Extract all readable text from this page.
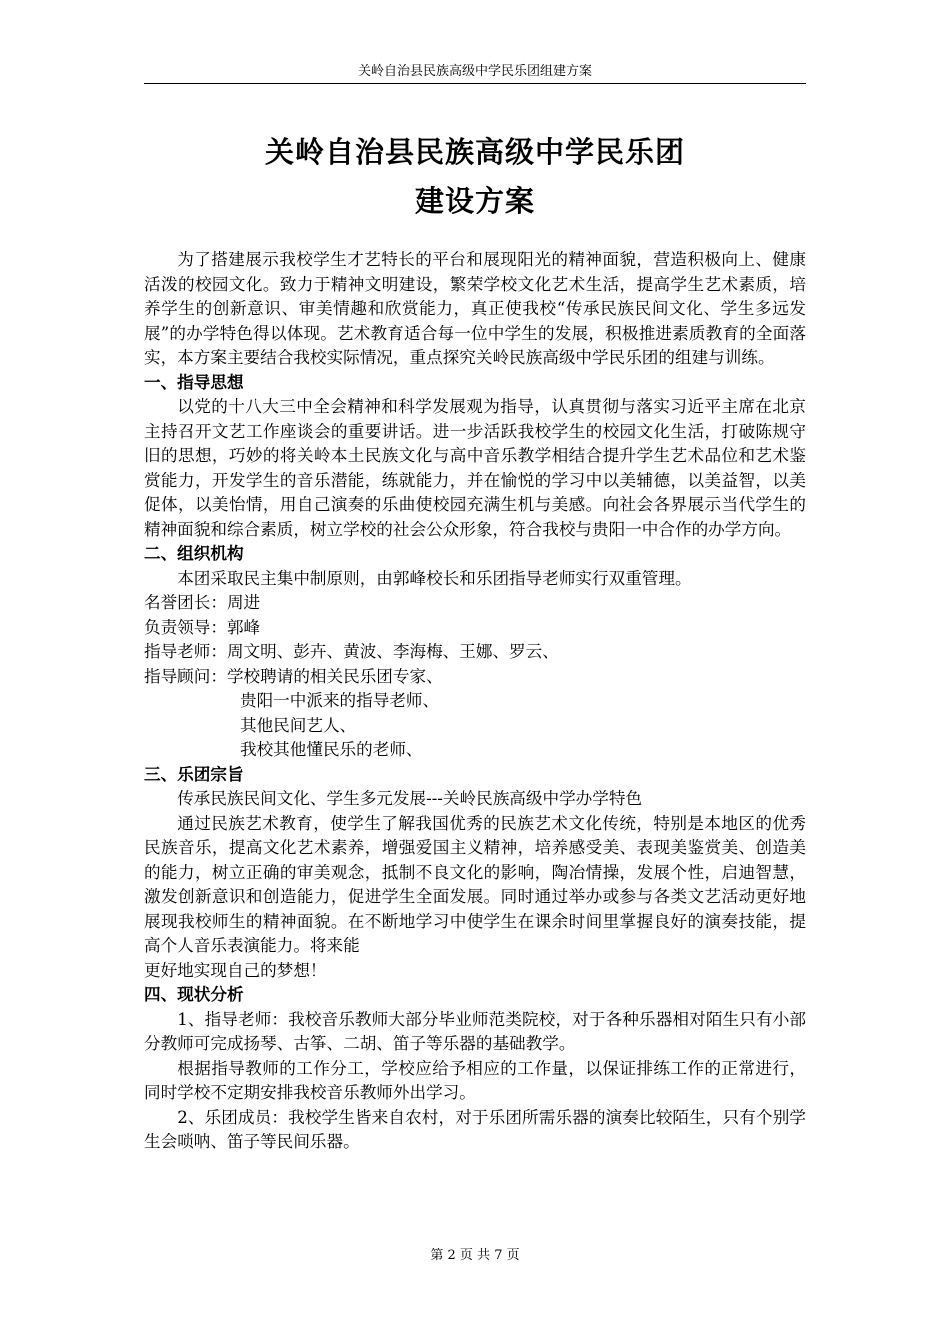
关岭自治县民族高级中学民乐团组建方案
关岭自治县民族高级中学民乐团
建设方案

为了搭建展示我校学生才艺特长的平台和展现阳光的精神面貌，营造积极向上、健康活泼的校园文化。致力于精神文明建设，繁荣学校文化艺术生活，提高学生艺术素质，培养学生的创新意识、审美情趣和欣赏能力，真正使我校“传承民族民间文化、学生多远发展”的办学特色得以体现。艺术教育适合每一位中学生的发展，积极推进素质教育的全面落实，本方案主要结合我校实际情况，重点探究关岭民族高级中学民乐团的组建与训练。

一、指导思想

以党的十八大三中全会精神和科学发展观为指导，认真贯彻与落实习近平主席在北京主持召开文艺工作座谈会的重要讲话。进一步活跃我校学生的校园文化生活，打破陈规守旧的思想，巧妙的将关岭本土民族文化与高中音乐教学相结合提升学生艺术品位和艺术鉴赏能力，开发学生的音乐潜能，练就能力，并在愉悦的学习中以美辅德，以美益智，以美促体，以美怡情，用自己演奏的乐曲使校园充满生机与美感。向社会各界展示当代学生的精神面貌和综合素质，树立学校的社会公众形象，符合我校与贵阳一中合作的办学方向。

二、组织机构

本团采取民主集中制原则，由郭峰校长和乐团指导老师实行双重管理。

名誉团长： 周进
负责领导： 郭峰
指导老师： 周文明、彭卉、黄波、李海梅、王娜、罗云、
指导顾问： 学校聘请的相关民乐团专家、

贵阳一中派来的指导老师、

其他民间艺人、

我校其他懂民乐的老师、

三、乐团宗旨

传承民族民间文化、学生多元发展---关岭民族高级中学办学特色

通过民族艺术教育，使学生了解我国优秀的民族艺术文化传统，特别是本地区的优秀民族音乐，提高文化艺术素养，增强爱国主义精神，培养感受美、表现美鉴赏美、创造美的能力，树立正确的审美观念，抵制不良文化的影响，陶冶情操，发展个性，启迪智慧，激发创新意识和创造能力，促进学生全面发展。同时通过举办或参与各类文艺活动更好地展现我校师生的精神面貌。在不断地学习中使学生在课余时间里掌握良好的演奏技能，提高个人音乐表演能力。将来能

更好地实现自己的梦想！

四、现状分析

1、指导老师：我校音乐教师大部分毕业师范类院校，对于各种乐器相对陌生只有小部分教师可完成扬琴、古筝、二胡、笛子等乐器的基础教学。

根据指导教师的工作分工，学校应给予相应的工作量，以保证排练工作的正常进行，同时学校不定期安排我校音乐教师外出学习。

2、乐团成员：我校学生皆来自农村，对于乐团所需乐器的演奏比较陌生，只有个别学生会唢呐、笛子等民间乐器。

第 2 页 共 7 页
